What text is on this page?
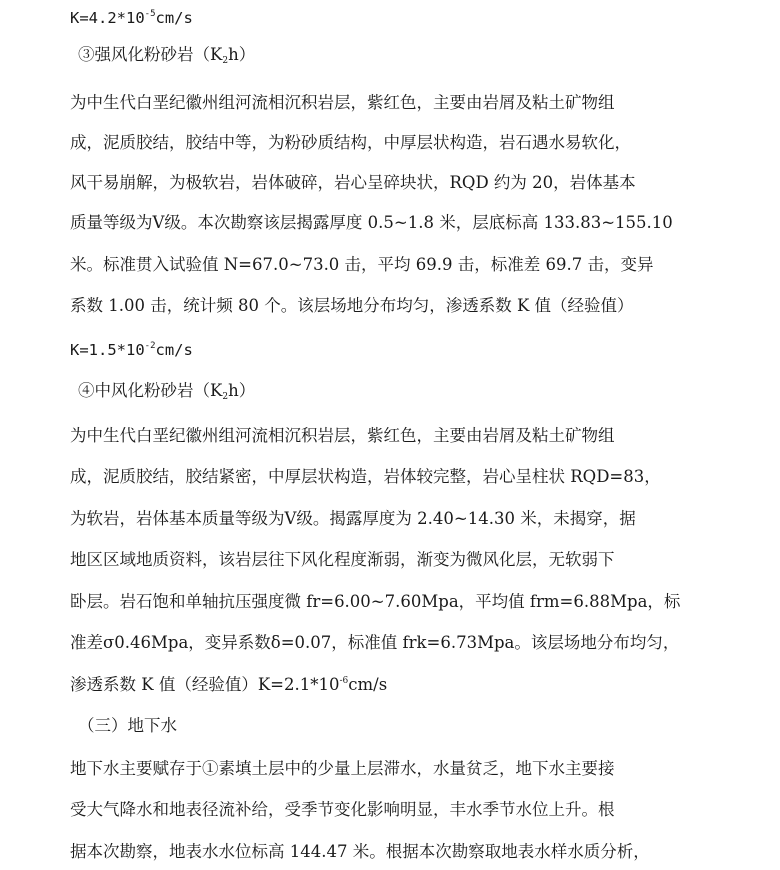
$K=4.2*10^{-5}cm/s$
③强风化粉砂岩$(K_2h)$
为中生代白垩纪徽州组河流相沉积岩层，紫红色，主要由岩屑及粘土矿物组
成，泥质胶结，胶结中等，为粉砂质结构，中厚层状构造，岩石遇水易软化，
风干易崩解，为极软岩，岩体破碎，岩心呈碎块状，RQD 约为 20，岩体基本
质量等级为Ⅴ级。本次勘察该层揭露厚度 0.5~1.8 米，层底标高 133.83~155.10
米。标准贯入试验值 N=67.0~73.0 击，平均 69.9 击，标准差 69.7 击，变异
系数 1.00 击，统计频 80 个。该层场地分布均匀，渗透系数 K 值（经验值）
$K=1.5*10^{-2}cm/s$
④中风化粉砂岩$(K_2h)$
为中生代白垩纪徽州组河流相沉积岩层，紫红色，主要由岩屑及粘土矿物组
成，泥质胶结，胶结紧密，中厚层状构造，岩体较完整，岩心呈柱状 RQD=83，
为软岩，岩体基本质量等级为Ⅴ级。揭露厚度为 2.40~14.30 米，未揭穿，据
地区区域地质资料，该岩层往下风化程度渐弱，渐变为微风化层，无软弱下
卧层。岩石饱和单轴抗压强度微 fr=6.00~7.60Mpa，平均值 frm=6.88Mpa，标
准差σ0.46Mpa，变异系数δ=0.07，标准值 frk=6.73Mpa。该层场地分布均匀，
渗透系数 K 值（经验值）$K=2.1*10^{-6}cm/s$
（三）地下水
地下水主要赋存于①素填土层中的少量上层滞水，水量贫乏，地下水主要接
受大气降水和地表径流补给，受季节变化影响明显，丰水季节水位上升。根
据本次勘察，地表水水位标高 144.47 米。根据本次勘察取地表水样水质分析，
